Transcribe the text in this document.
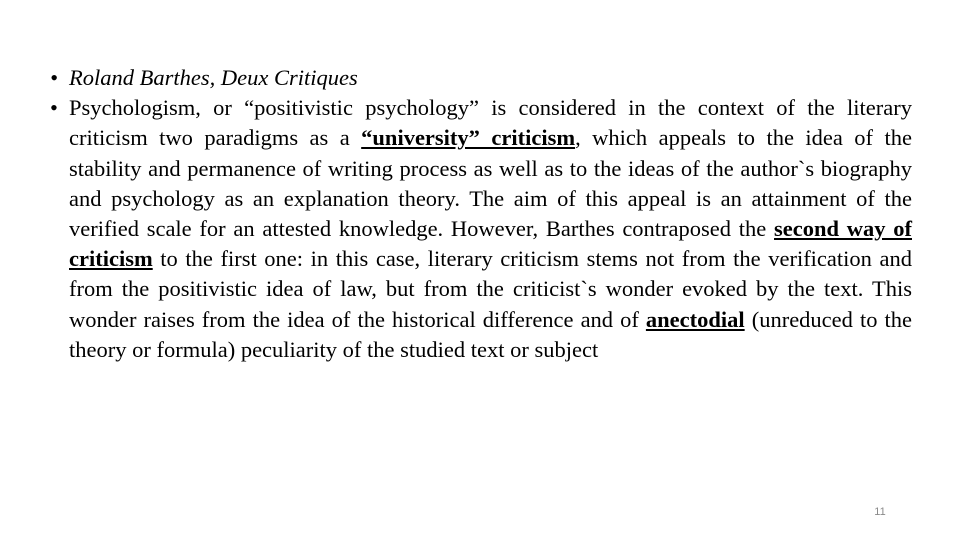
• Roland Barthes, Deux Critiques
• Psychologism, or “positivistic psychology” is considered in the context of the literary criticism two paradigms as a “university” criticism, which appeals to the idea of the stability and permanence of writing process as well as to the ideas of the author`s biography and psychology as an explanation theory. The aim of this appeal is an attainment of the verified scale for an attested knowledge. However, Barthes contraposed the second way of criticism to the first one: in this case, literary criticism stems not from the verification and from the positivistic idea of law, but from the criticist`s wonder evoked by the text. This wonder raises from the idea of the historical difference and of anectodial (unreduced to the theory or formula) peculiarity of the studied text or subject
11
